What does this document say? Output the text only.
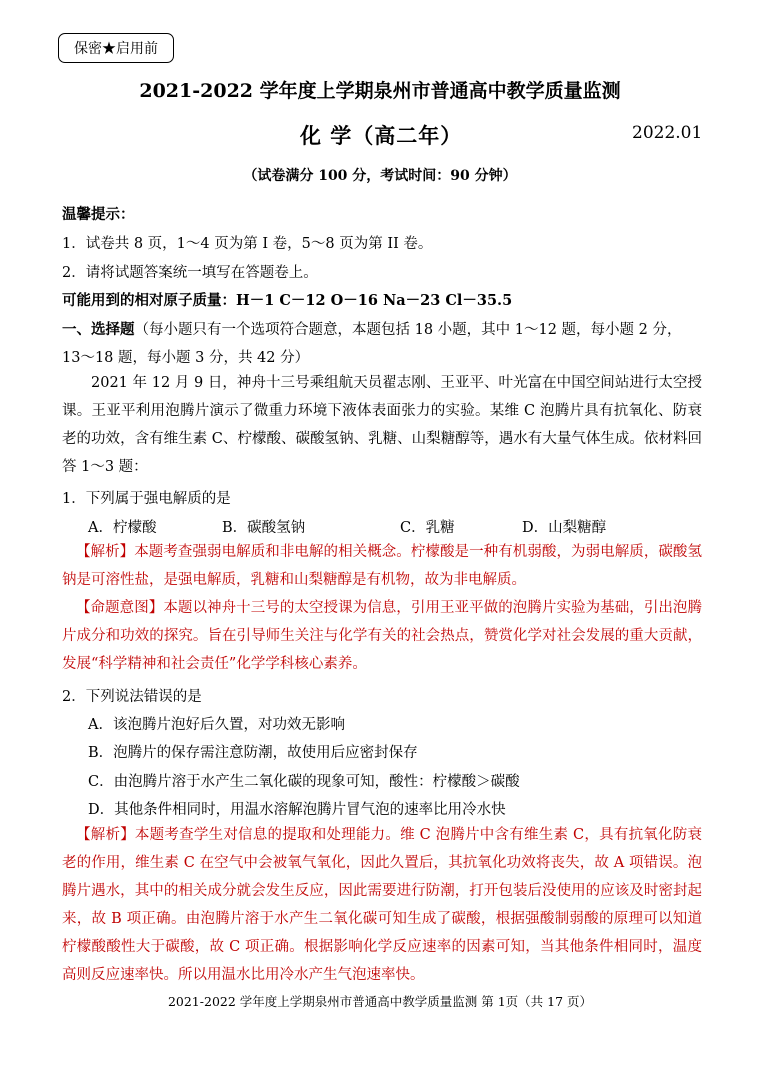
保密★启用前
2021-2022 学年度上学期泉州市普通高中教学质量监测
化 学（高二年）	2022.01
（试卷满分 100 分，考试时间：90 分钟）
温馨提示：
1．试卷共 8 页，1～4 页为第 I 卷，5～8 页为第 II 卷。
2．请将试题答案统一填写在答题卷上。
可能用到的相对原子质量：H－1 C－12 O－16 Na－23 Cl－35.5
一、选择题（每小题只有一个选项符合题意，本题包括 18 小题，其中 1～12 题，每小题 2 分，
13～18 题，每小题 3 分，共 42 分）
2021 年 12 月 9 日，神舟十三号乘组航天员翟志刚、王亚平、叶光富在中国空间站进行太空授课。王亚平利用泡腾片演示了微重力环境下液体表面张力的实验。某维 C 泡腾片具有抗氧化、防衰老的功效，含有维生素 C、柠檬酸、碳酸氢钠、乳糖、山梨糖醇等，遇水有大量气体生成。依材料回答 1～3 题：
1．下列属于强电解质的是
A．柠檬酸	B．碳酸氢钠	C．乳糖	D．山梨糖醇
【解析】本题考查强弱电解质和非电解的相关概念。柠檬酸是一种有机弱酸，为弱电解质，碳酸氢钠是可溶性盐，是强电解质，乳糖和山梨糖醇是有机物，故为非电解质。
【命题意图】本题以神舟十三号的太空授课为信息，引用王亚平做的泡腾片实验为基础，引出泡腾片成分和功效的探究。旨在引导师生关注与化学有关的社会热点，赞赏化学对社会发展的重大贡献，发展“科学精神和社会责任”化学学科核心素养。
2．下列说法错误的是
A．该泡腾片泡好后久置，对功效无影响
B．泡腾片的保存需注意防潮，故使用后应密封保存
C．由泡腾片溶于水产生二氧化碳的现象可知，酸性：柠檬酸＞碳酸
D．其他条件相同时，用温水溶解泡腾片冒气泡的速率比用冷水快
【解析】本题考查学生对信息的提取和处理能力。维 C 泡腾片中含有维生素 C，具有抗氧化防衰老的作用，维生素 C 在空气中会被氧气氧化，因此久置后，其抗氧化功效将丧失，故 A 项错误。泡腾片遇水，其中的相关成分就会发生反应，因此需要进行防潮，打开包装后没使用的应该及时密封起来，故 B 项正确。由泡腾片溶于水产生二氧化碳可知生成了碳酸，根据强酸制弱酸的原理可以知道柠檬酸酸性大于碳酸，故 C 项正确。根据影响化学反应速率的因素可知，当其他条件相同时，温度高则反应速率快。所以用温水比用冷水产生气泡速率快。
2021-2022 学年度上学期泉州市普通高中教学质量监测 第 1页（共 17 页）
